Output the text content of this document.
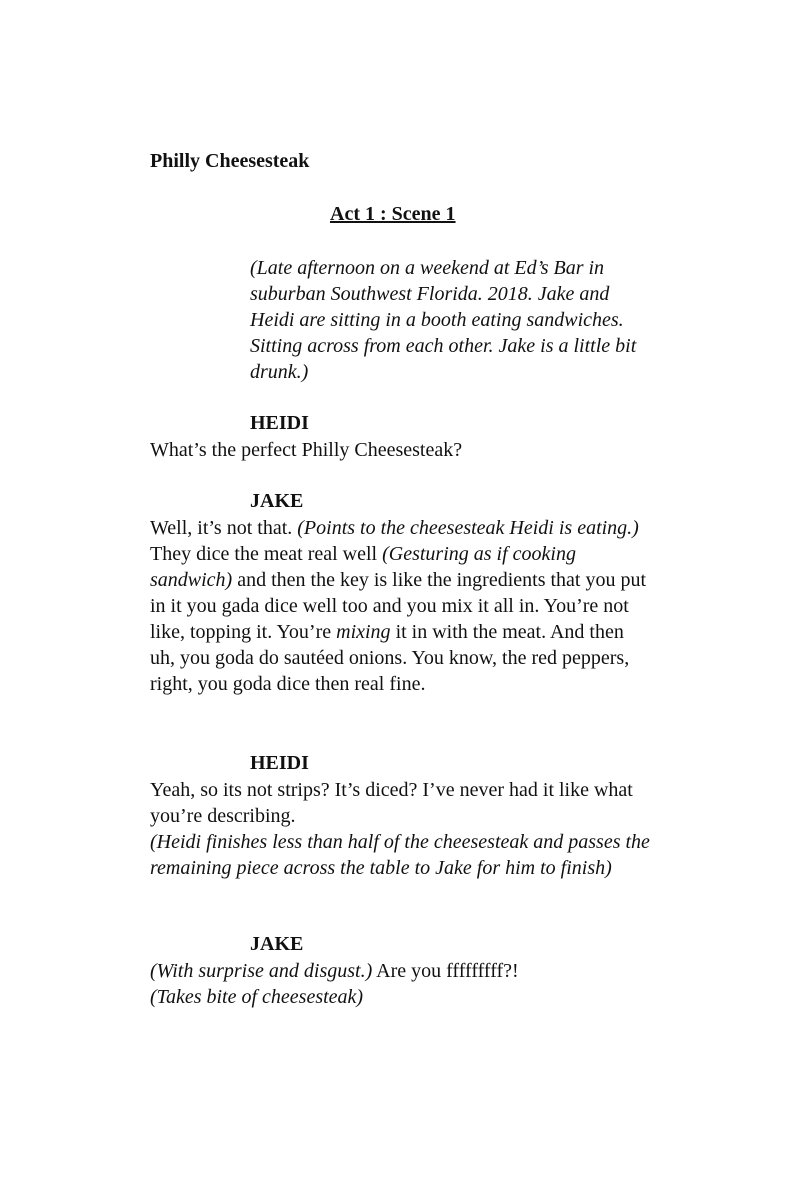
Philly Cheesesteak
Act 1 : Scene 1
(Late afternoon on a weekend at Ed’s Bar in suburban Southwest Florida. 2018. Jake and Heidi are sitting in a booth eating sandwiches. Sitting across from each other. Jake is a little bit drunk.)
HEIDI
What’s the perfect Philly Cheesesteak?
JAKE
Well, it’s not that. (Points to the cheesesteak Heidi is eating.) They dice the meat real well (Gesturing as if cooking sandwich) and then the key is like the ingredients that you put in it you gada dice well too and you mix it all in. You’re not like, topping it. You’re mixing it in with the meat. And then uh, you goda do sautéed onions. You know, the red peppers, right, you goda dice then real fine.
HEIDI
Yeah, so its not strips? It’s diced? I’ve never had it like what you’re describing.
(Heidi finishes less than half of the cheesesteak and passes the remaining piece across the table to Jake for him to finish)
JAKE
(With surprise and disgust.) Are you fffffffff?!
(Takes bite of cheesesteak)
